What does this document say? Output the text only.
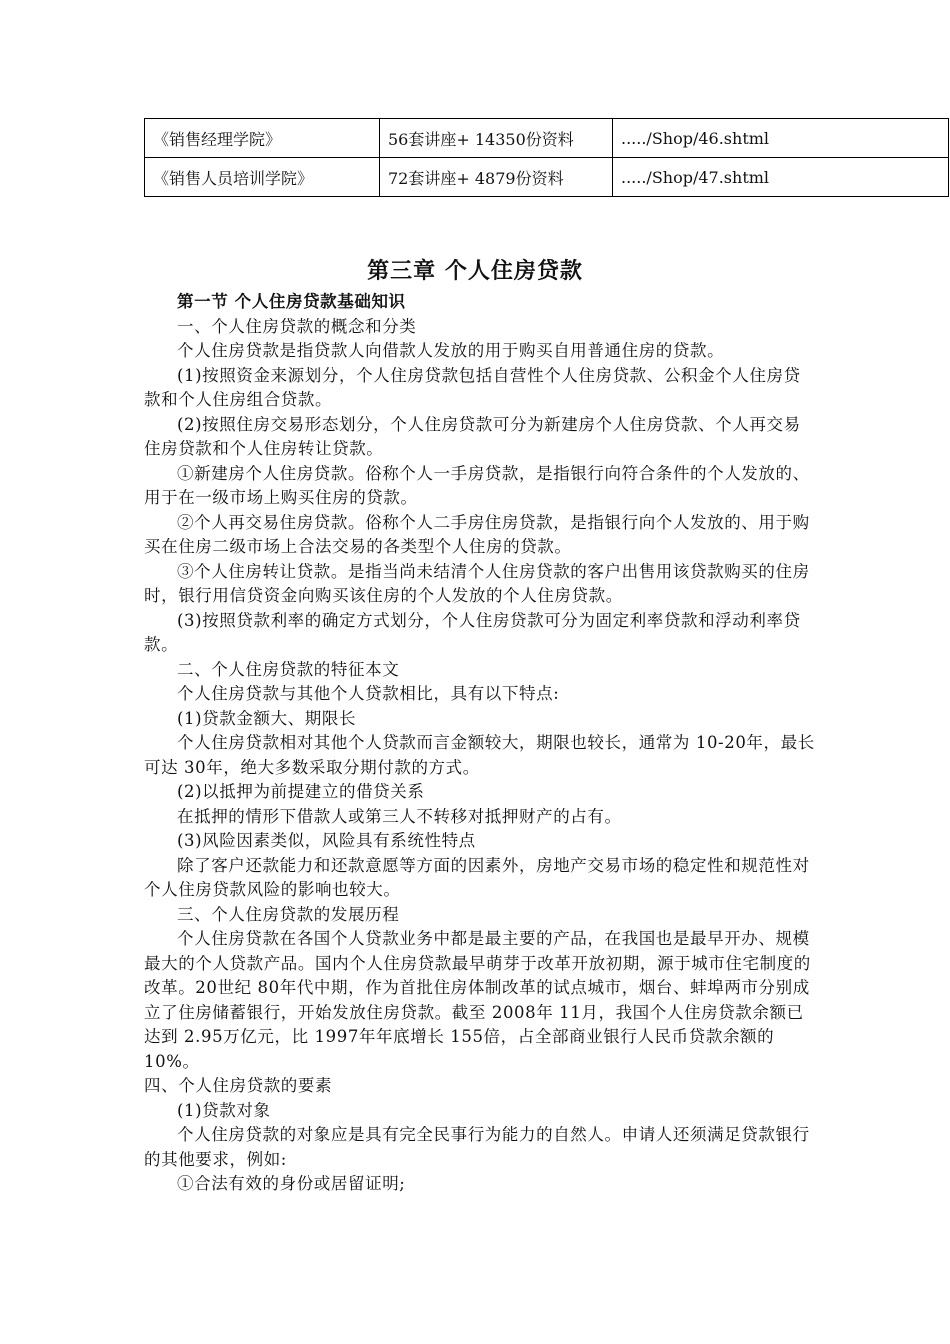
《销售经理学院》	56套讲座+ 14350份资料	...../Shop/46.shtml
《销售人员培训学院》	72套讲座+ 4879份资料	...../Shop/47.shtml
第三章 个人住房贷款

第一节 个人住房贷款基础知识

一、个人住房贷款的概念和分类

个人住房贷款是指贷款人向借款人发放的用于购买自用普通住房的贷款。

(1)按照资金来源划分，个人住房贷款包括自营性个人住房贷款、公积金个人住房贷款和个人住房组合贷款。

(2)按照住房交易形态划分，个人住房贷款可分为新建房个人住房贷款、个人再交易住房贷款和个人住房转让贷款。

①新建房个人住房贷款。俗称个人一手房贷款，是指银行向符合条件的个人发放的、用于在一级市场上购买住房的贷款。

②个人再交易住房贷款。俗称个人二手房住房贷款，是指银行向个人发放的、用于购买在住房二级市场上合法交易的各类型个人住房的贷款。

③个人住房转让贷款。是指当尚未结清个人住房贷款的客户出售用该贷款购买的住房时，银行用信贷资金向购买该住房的个人发放的个人住房贷款。

(3)按照贷款利率的确定方式划分，个人住房贷款可分为固定利率贷款和浮动利率贷款。

二、个人住房贷款的特征本文

个人住房贷款与其他个人贷款相比，具有以下特点:

(1)贷款金额大、期限长

个人住房贷款相对其他个人贷款而言金额较大，期限也较长，通常为 10-20年，最长可达 30年，绝大多数采取分期付款的方式。

(2)以抵押为前提建立的借贷关系

在抵押的情形下借款人或第三人不转移对抵押财产的占有。

(3)风险因素类似，风险具有系统性特点

除了客户还款能力和还款意愿等方面的因素外，房地产交易市场的稳定性和规范性对个人住房贷款风险的影响也较大。

三、个人住房贷款的发展历程

个人住房贷款在各国个人贷款业务中都是最主要的产品，在我国也是最早开办、规模最大的个人贷款产品。国内个人住房贷款最早萌芽于改革开放初期，源于城市住宅制度的改革。20世纪 80年代中期，作为首批住房体制改革的试点城市，烟台、蚌埠两市分别成立了住房储蓄银行，开始发放住房贷款。截至 2008年 11月，我国个人住房贷款余额已达到 2.95万亿元，比 1997年年底增长 155倍，占全部商业银行人民币贷款余额的 10%。

四、个人住房贷款的要素

(1)贷款对象

个人住房贷款的对象应是具有完全民事行为能力的自然人。申请人还须满足贷款银行的其他要求，例如:

①合法有效的身份或居留证明;
